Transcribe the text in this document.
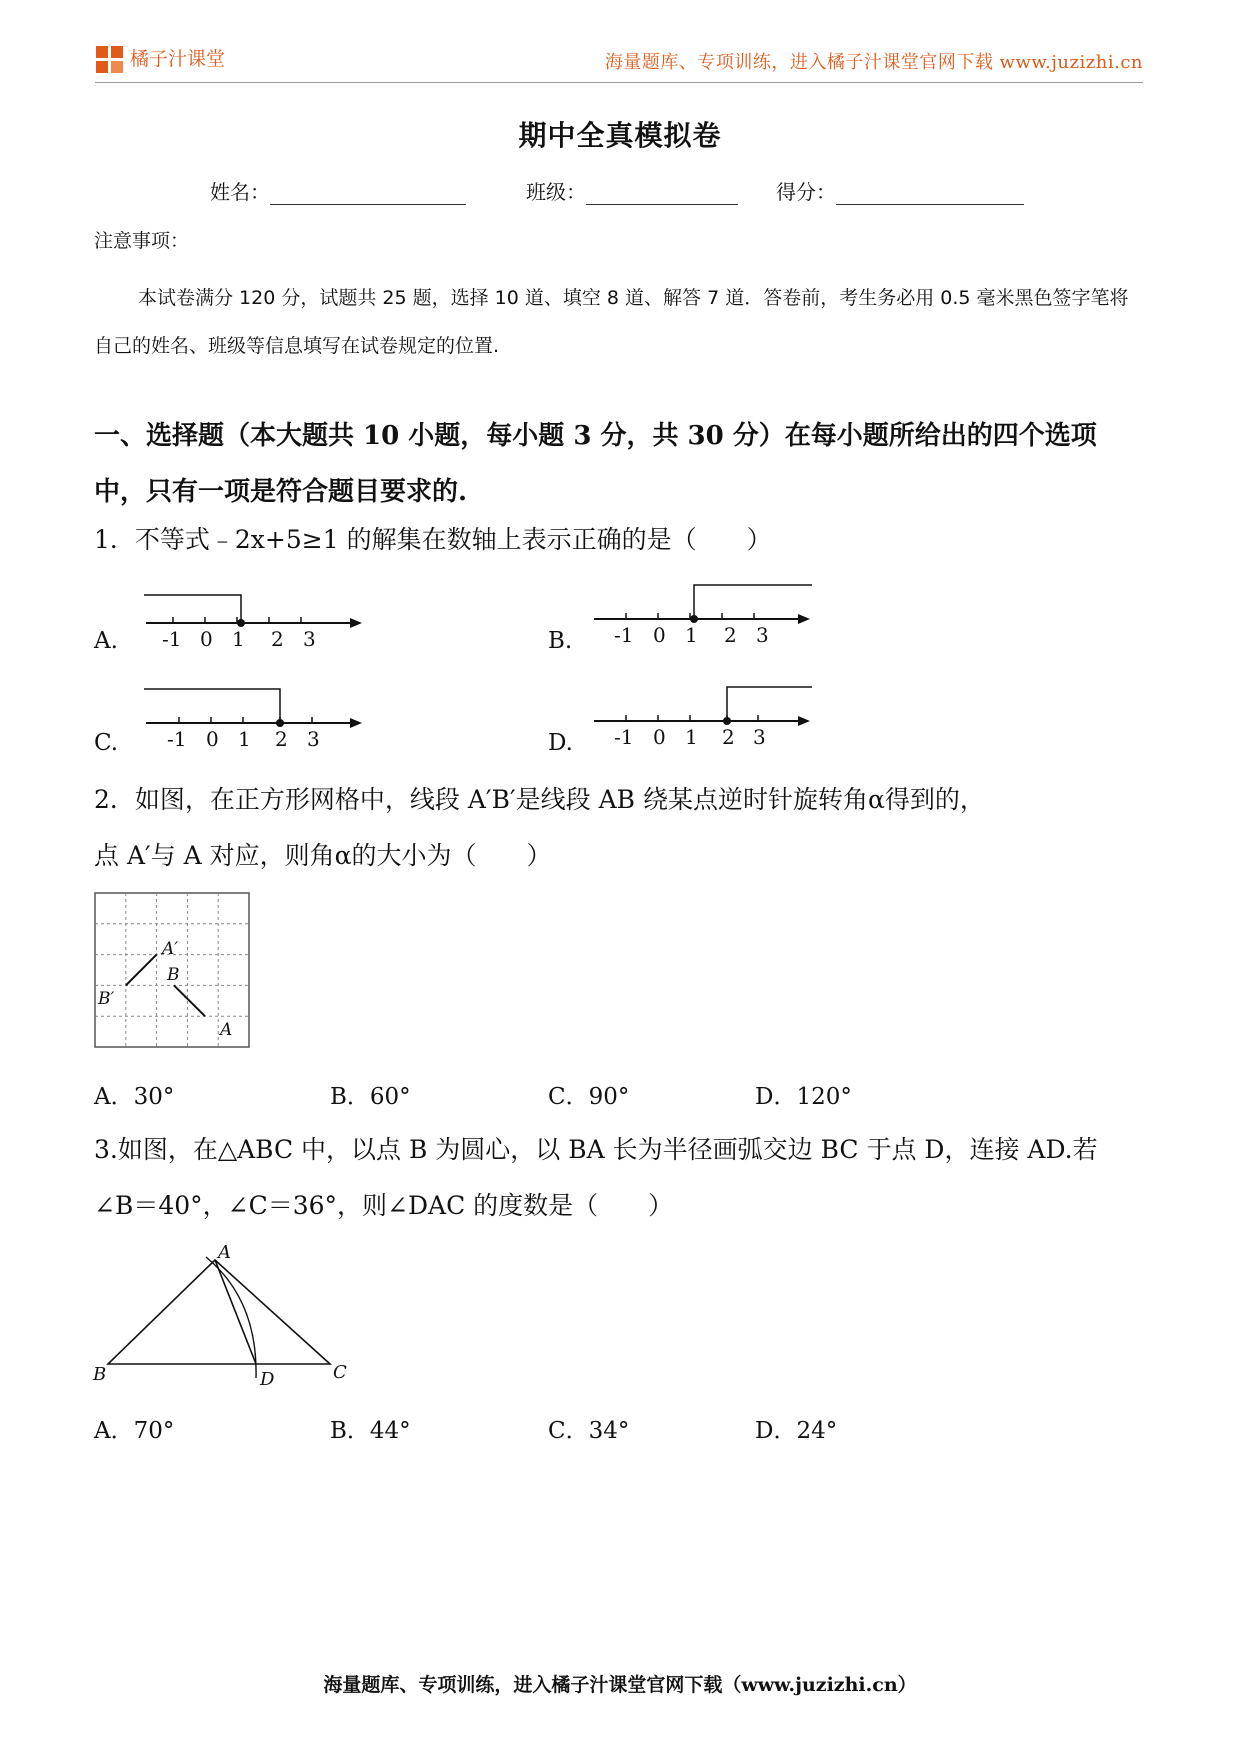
橘子汁课堂	海量题库、专项训练，进入橘子汁课堂官网下载 www.juzizhi.cn
期中全真模拟卷
姓名：	班级：	得分：
注意事项：
本试卷满分 120 分，试题共 25 题，选择 10 道、填空 8 道、解答 7 道．答卷前，考生务必用 0.5 毫米黑色签字笔将自己的姓名、班级等信息填写在试卷规定的位置.
一、选择题（本大题共 10 小题，每小题 3 分，共 30 分）在每小题所给出的四个选项中，只有一项是符合题目要求的.
1．不等式﹣2x+5≥1 的解集在数轴上表示正确的是（　　）
A. -1 0 1 2 3	B. -1 0 1 2 3
C. -1 0 1 2 3	D. -1 0 1 2 3
2．如图，在正方形网格中，线段 A′B′是线段 AB 绕某点逆时针旋转角α得到的，
点 A′与 A 对应，则角α的大小为（　　）
A′
B
B′
A
A．30°	B．60°	C．90°	D．120°
3.如图，在△ABC 中，以点 B 为圆心，以 BA 长为半径画弧交边 BC 于点 D，连接 AD.若
∠B＝40°，∠C＝36°，则∠DAC 的度数是（　　）
A
B	C
D
A．70°	B．44°	C．34°	D．24°
海量题库、专项训练，进入橘子汁课堂官网下载（www.juzizhi.cn）
